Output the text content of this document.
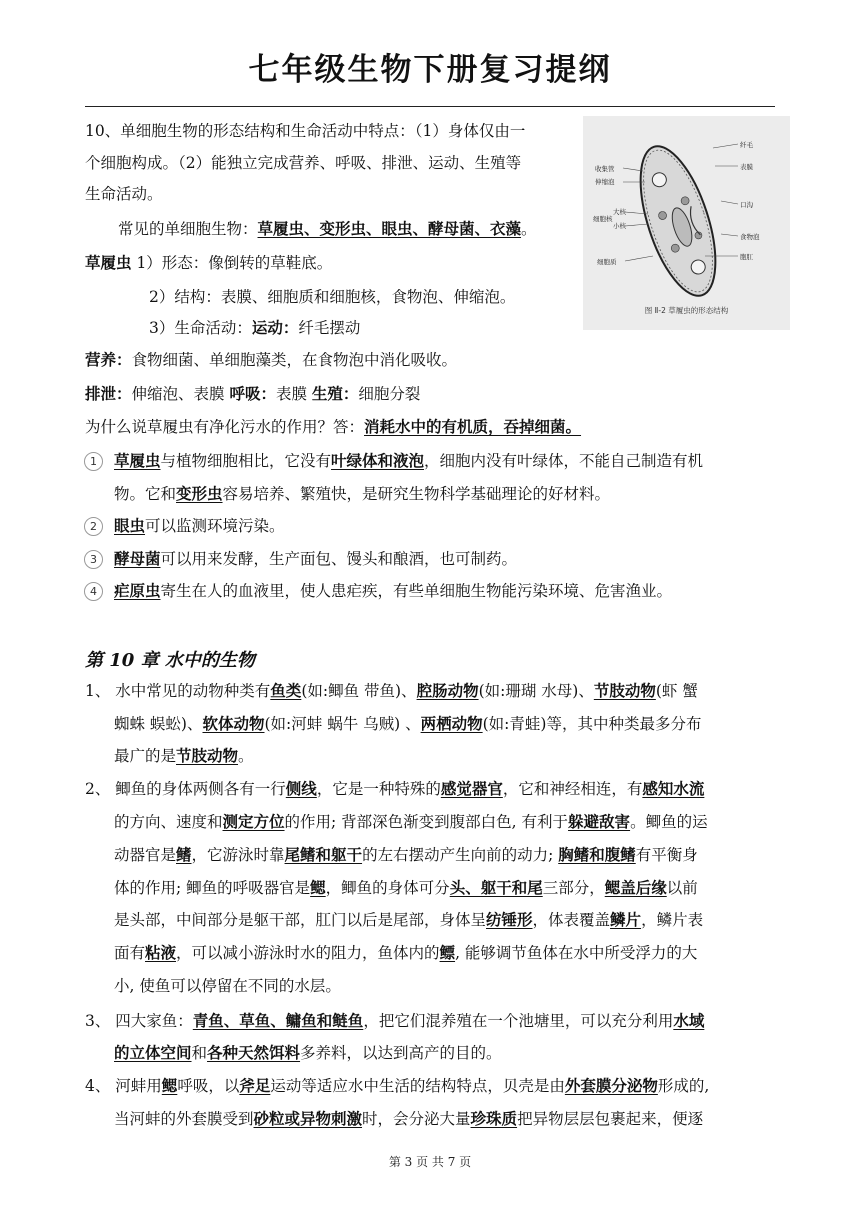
七年级生物下册复习提纲
纤毛
表膜
收集管
伸缩泡
口沟
大核
小核
细胞核
食物泡
细胞质
胞肛
图 Ⅱ-2 草履虫的形态结构
10、单细胞生物的形态结构和生命活动中特点：（1）身体仅由一
个细胞构成。（2）能独立完成营养、呼吸、排泄、运动、生殖等
生命活动。
常见的单细胞生物：草履虫、变形虫、眼虫、酵母菌、衣藻。
草履虫 1）形态：像倒转的草鞋底。
2）结构：表膜、细胞质和细胞核，食物泡、伸缩泡。
3）生命活动：运动：纤毛摆动
营养：食物细菌、单细胞藻类，在食物泡中消化吸收。
排泄：伸缩泡、表膜 呼吸：表膜 生殖：细胞分裂
为什么说草履虫有净化污水的作用？答：消耗水中的有机质，吞掉细菌。
草履虫与植物细胞相比，它没有叶绿体和液泡，细胞内没有叶绿体，不能自己制造有机
物。它和变形虫容易培养、繁殖快，是研究生物科学基础理论的好材料。
眼虫可以监测环境污染。
酵母菌可以用来发酵，生产面包、馒头和酿酒，也可制药。
疟原虫寄生在人的血液里，使人患疟疾，有些单细胞生物能污染环境、危害渔业。
1、 水中常见的动物种类有鱼类(如:鲫鱼 带鱼)、腔肠动物(如:珊瑚 水母)、节肢动物(虾 蟹
蜘蛛 蜈蚣)、软体动物(如:河蚌 蜗牛 乌贼) 、两栖动物(如:青蛙)等，其中种类最多分布
最广的是节肢动物。
2、 鲫鱼的身体两侧各有一行侧线，它是一种特殊的感觉器官，它和神经相连，有感知水流
的方向、速度和测定方位的作用; 背部深色渐变到腹部白色, 有利于躲避敌害。鲫鱼的运
动器官是鳍，它游泳时靠尾鳍和躯干的左右摆动产生向前的动力; 胸鳍和腹鳍有平衡身
体的作用; 鲫鱼的呼吸器官是鳃，鲫鱼的身体可分头、躯干和尾三部分，鳃盖后缘以前
是头部，中间部分是躯干部，肛门以后是尾部，身体呈纺锤形，体表覆盖鳞片，鳞片表
面有粘液，可以减小游泳时水的阻力，鱼体内的鳔, 能够调节鱼体在水中所受浮力的大
小, 使鱼可以停留在不同的水层。
3、 四大家鱼：青鱼、草鱼、鳙鱼和鲢鱼，把它们混养殖在一个池塘里，可以充分利用水域
的立体空间和各种天然饵料多养料，以达到高产的目的。
4、 河蚌用鳃呼吸，以斧足运动等适应水中生活的结构特点，贝壳是由外套膜分泌物形成的,
当河蚌的外套膜受到砂粒或异物刺激时，会分泌大量珍珠质把异物层层包裹起来，便逐
1
2
3
4
第 10 章 水中的生物
第 3 页 共 7 页
